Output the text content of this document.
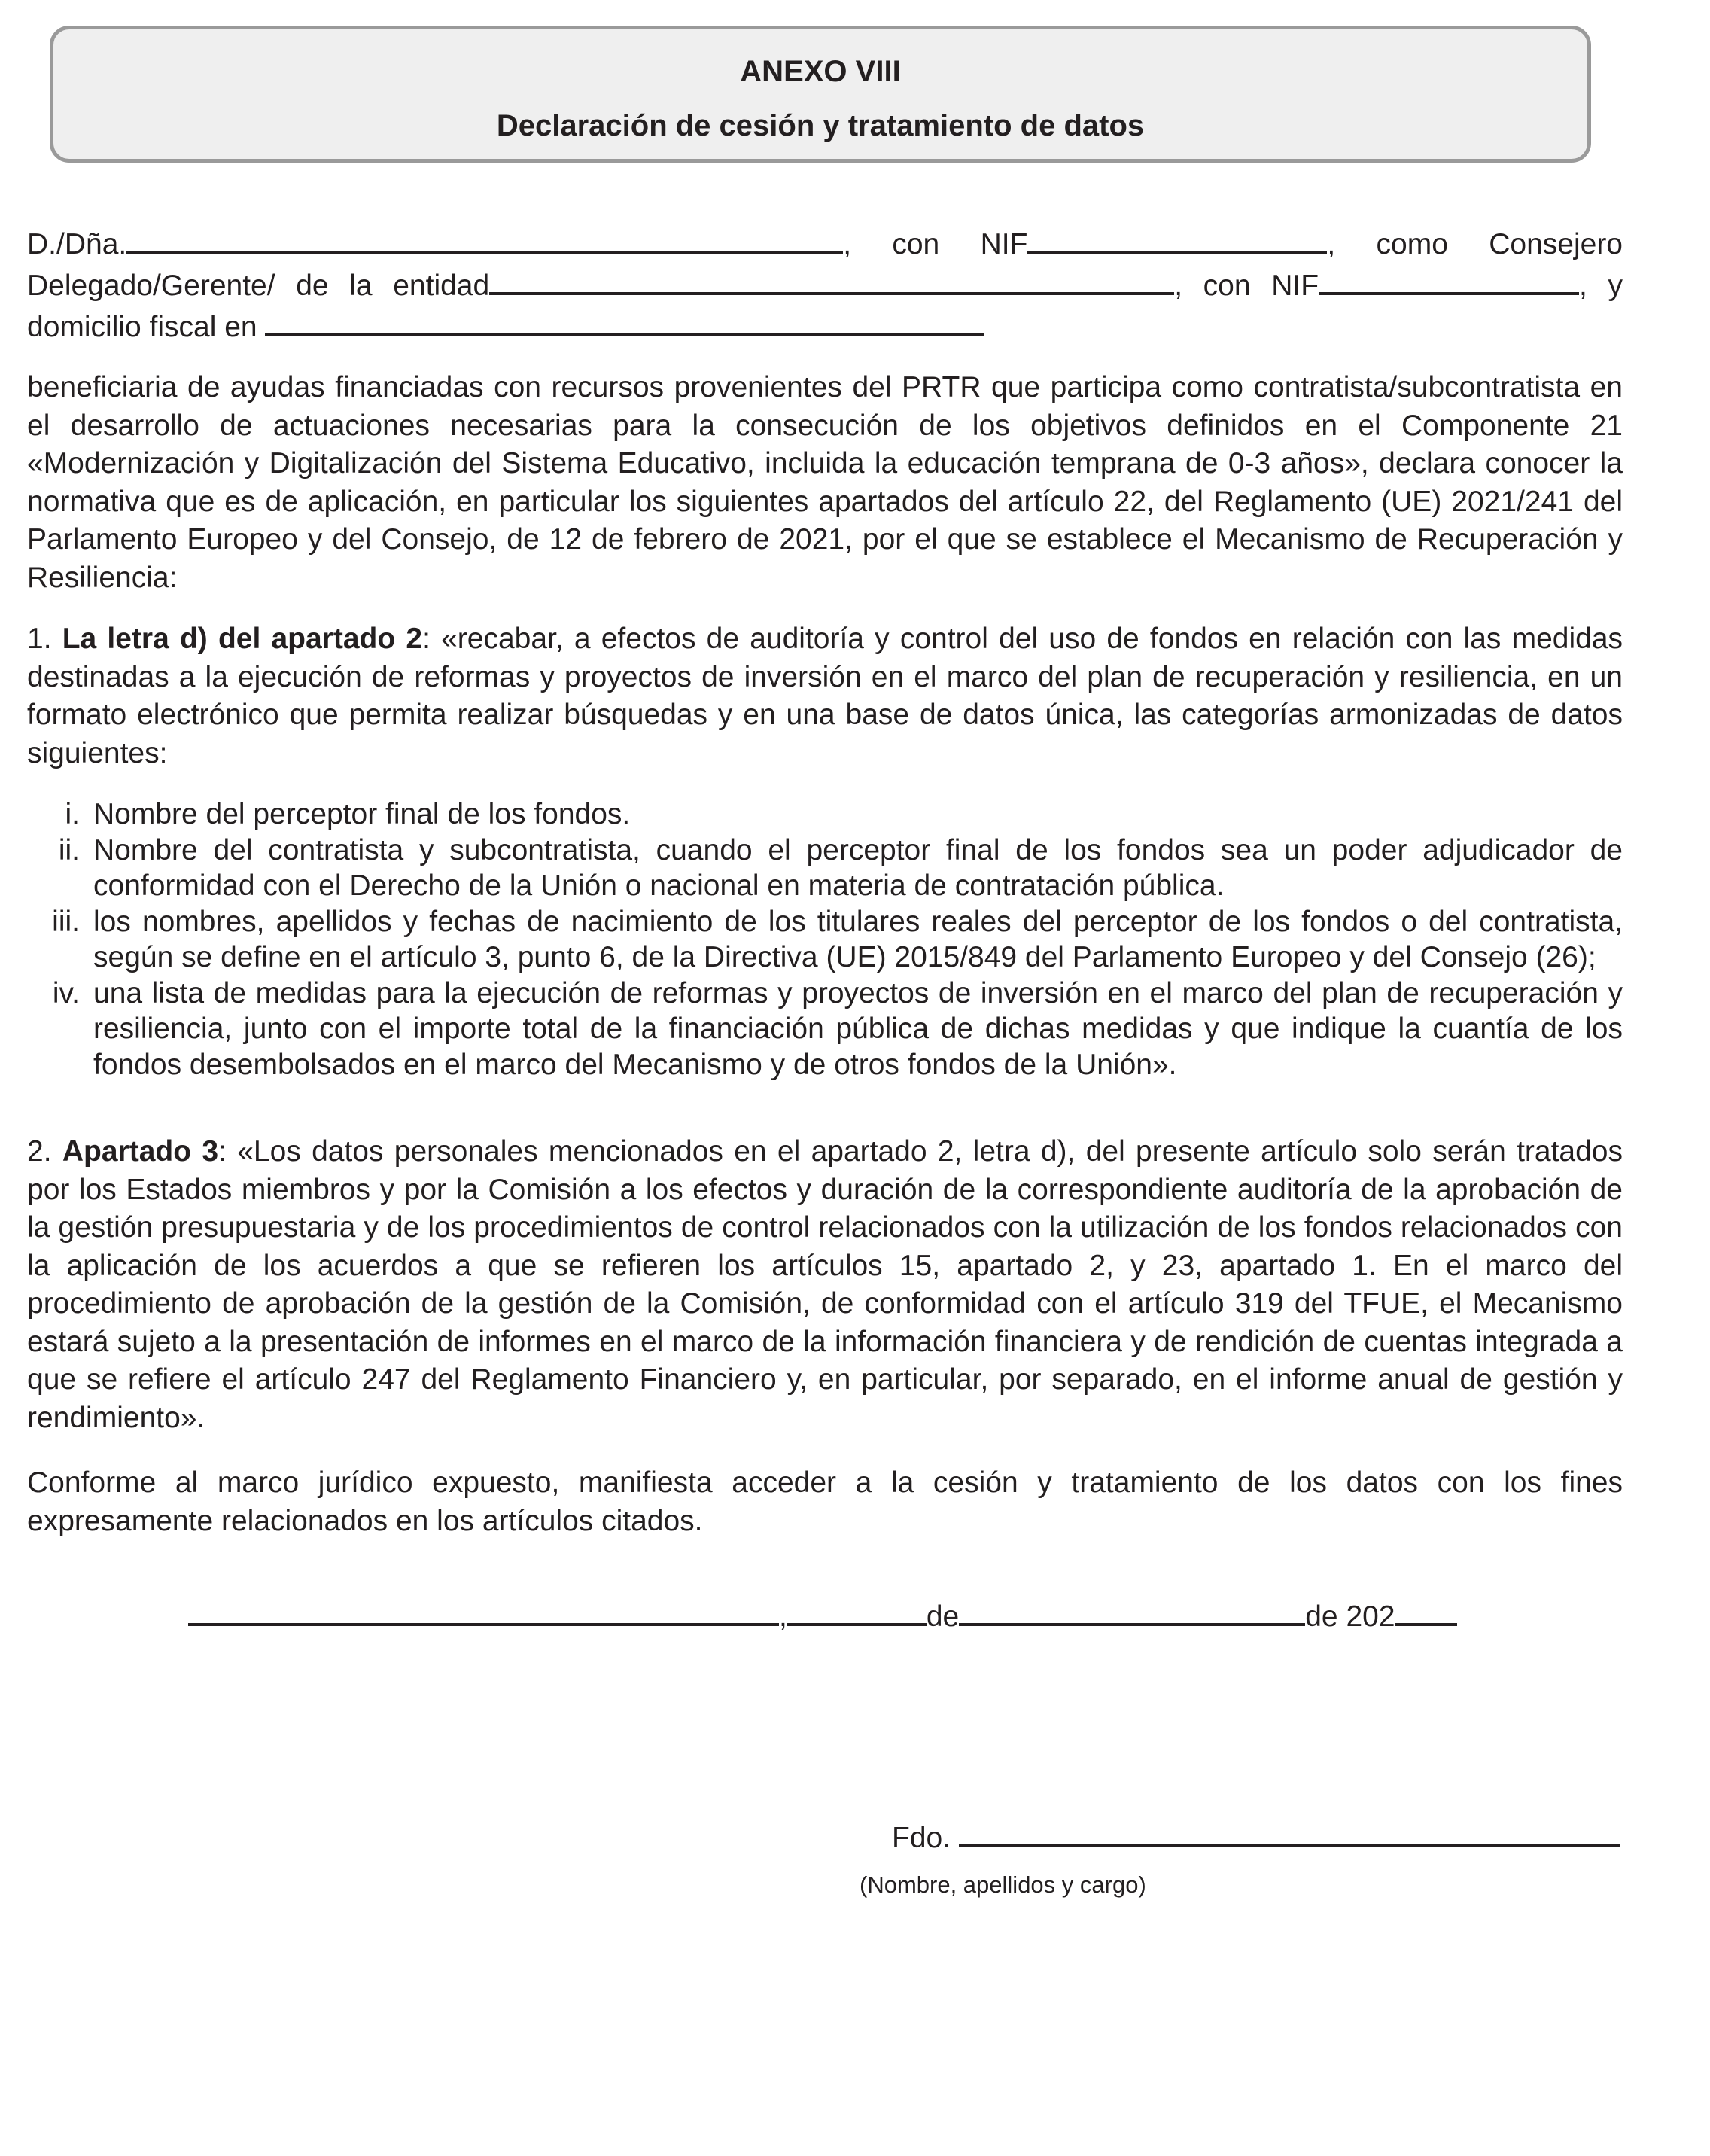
ANEXO VIII
Declaración de cesión y tratamiento de datos
D./Dña.	, con NIF	, como Consejero
Delegado/Gerente/ de la entidad	, con NIF	, y
domicilio fiscal en
beneficiaria de ayudas financiadas con recursos provenientes del PRTR que participa como contratista/subcontratista en el desarrollo de actuaciones necesarias para la consecución de los objetivos definidos en el Componente 21 «Modernización y Digitalización del Sistema Educativo, incluida la educación temprana de 0-3 años», declara conocer la normativa que es de aplicación, en particular los siguientes apartados del artículo 22, del Reglamento (UE) 2021/241 del Parlamento Europeo y del Consejo, de 12 de febrero de 2021, por el que se establece el Mecanismo de Recuperación y Resiliencia:
1. La letra d) del apartado 2: «recabar, a efectos de auditoría y control del uso de fondos en relación con las medidas destinadas a la ejecución de reformas y proyectos de inversión en el marco del plan de recuperación y resiliencia, en un formato electrónico que permita realizar búsquedas y en una base de datos única, las categorías armonizadas de datos siguientes:
i. Nombre del perceptor final de los fondos.
ii. Nombre del contratista y subcontratista, cuando el perceptor final de los fondos sea un poder adjudicador de conformidad con el Derecho de la Unión o nacional en materia de contratación pública.
iii. los nombres, apellidos y fechas de nacimiento de los titulares reales del perceptor de los fondos o del contratista, según se define en el artículo 3, punto 6, de la Directiva (UE) 2015/849 del Parlamento Europeo y del Consejo (26);
iv. una lista de medidas para la ejecución de reformas y proyectos de inversión en el marco del plan de recuperación y resiliencia, junto con el importe total de la financiación pública de dichas medidas y que indique la cuantía de los fondos desembolsados en el marco del Mecanismo y de otros fondos de la Unión».
2. Apartado 3: «Los datos personales mencionados en el apartado 2, letra d), del presente artículo solo serán tratados por los Estados miembros y por la Comisión a los efectos y duración de la correspondiente auditoría de la aprobación de la gestión presupuestaria y de los procedimientos de control relacionados con la utilización de los fondos relacionados con la aplicación de los acuerdos a que se refieren los artículos 15, apartado 2, y 23, apartado 1. En el marco del procedimiento de aprobación de la gestión de la Comisión, de conformidad con el artículo 319 del TFUE, el Mecanismo estará sujeto a la presentación de informes en el marco de la información financiera y de rendición de cuentas integrada a que se refiere el artículo 247 del Reglamento Financiero y, en particular, por separado, en el informe anual de gestión y rendimiento».
Conforme al marco jurídico expuesto, manifiesta acceder a la cesión y tratamiento de los datos con los fines expresamente relacionados en los artículos citados.
,	de	de 202
Fdo.
(Nombre, apellidos y cargo)
